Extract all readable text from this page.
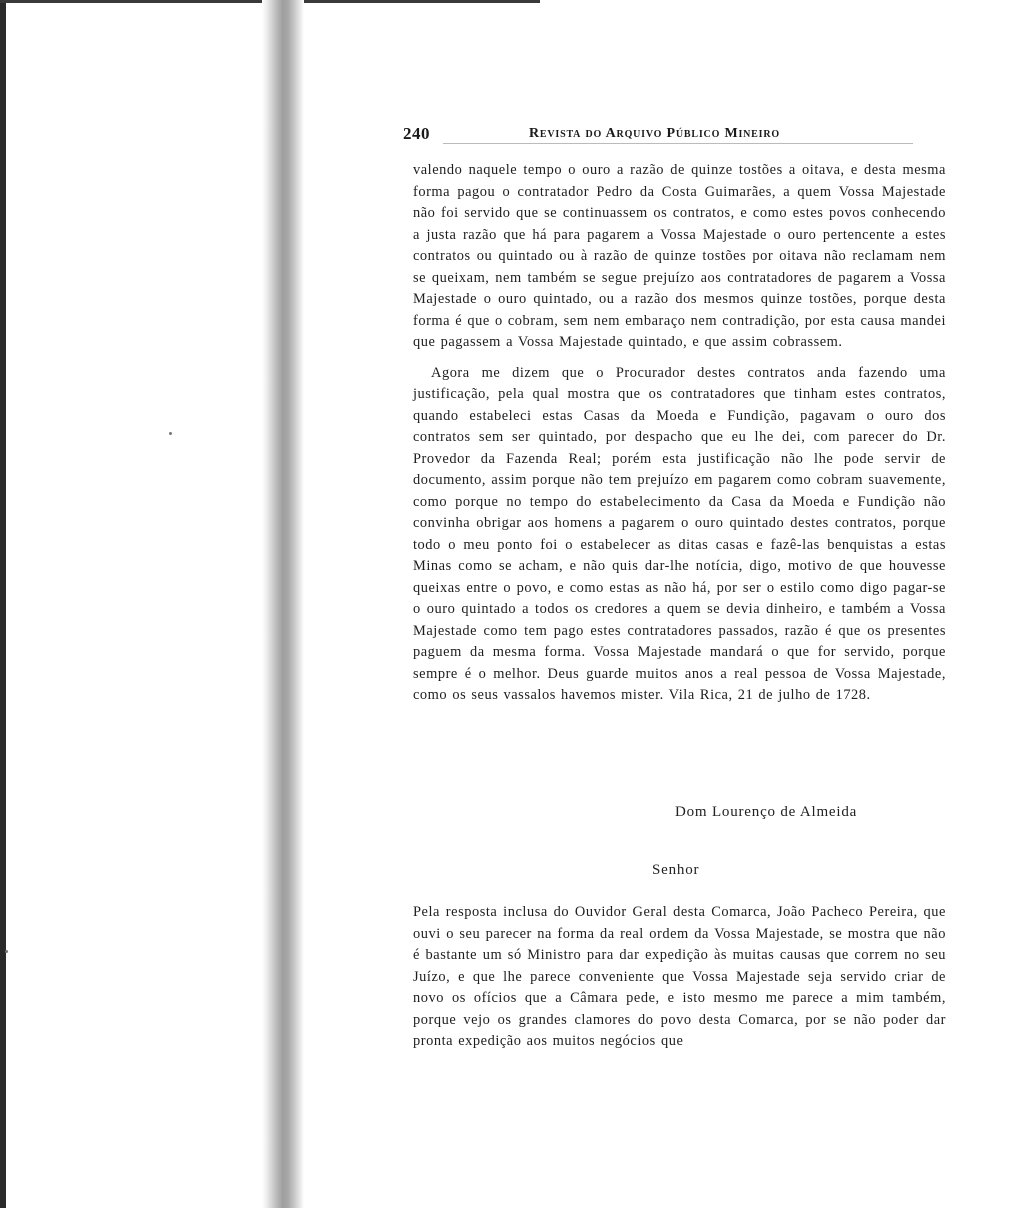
240	Revista do Arquivo Público Mineiro

valendo naquele tempo o ouro a razão de quinze tostões a oitava, e desta mesma forma pagou o contratador Pedro da Costa Guimarães, a quem Vossa Majestade não foi servido que se continuassem os contratos, e como estes povos conhecendo a justa razão que há para pagarem a Vossa Majestade o ouro pertencente a estes contratos ou quintado ou à razão de quinze tostões por oitava não reclamam nem se queixam, nem também se segue prejuízo aos contratadores de pagarem a Vossa Majestade o ouro quintado, ou a razão dos mesmos quinze tostões, porque desta forma é que o cobram, sem nem embaraço nem contradição, por esta causa mandei que pagassem a Vossa Majestade quintado, e que assim cobrassem.

Agora me dizem que o Procurador destes contratos anda fazendo uma justificação, pela qual mostra que os contratadores que tinham estes contratos, quando estabeleci estas Casas da Moeda e Fundição, pagavam o ouro dos contratos sem ser quintado, por despacho que eu lhe dei, com parecer do Dr. Provedor da Fazenda Real; porém esta justificação não lhe pode servir de documento, assim porque não tem prejuízo em pagarem como cobram suavemente, como porque no tempo do estabelecimento da Casa da Moeda e Fundição não convinha obrigar aos homens a pagarem o ouro quintado destes contratos, porque todo o meu ponto foi o estabelecer as ditas casas e fazê-las benquistas a estas Minas como se acham, e não quis dar-lhe notícia, digo, motivo de que houvesse queixas entre o povo, e como estas as não há, por ser o estilo como digo pagar-se o ouro quintado a todos os credores a quem se devia dinheiro, e também a Vossa Majestade como tem pago estes contratadores passados, razão é que os presentes paguem da mesma forma. Vossa Majestade mandará o que for servido, porque sempre é o melhor. Deus guarde muitos anos a real pessoa de Vossa Majestade, como os seus vassalos havemos mister. Vila Rica, 21 de julho de 1728.

Dom Lourenço de Almeida
Senhor

Pela resposta inclusa do Ouvidor Geral desta Comarca, João Pacheco Pereira, que ouvi o seu parecer na forma da real ordem da Vossa Majestade, se mostra que não é bastante um só Ministro para dar expedição às muitas causas que correm no seu Juízo, e que lhe parece conveniente que Vossa Majestade seja servido criar de novo os ofícios que a Câmara pede, e isto mesmo me parece a mim também, porque vejo os grandes clamores do povo desta Comarca, por se não poder dar pronta expedição aos muitos negócios que
